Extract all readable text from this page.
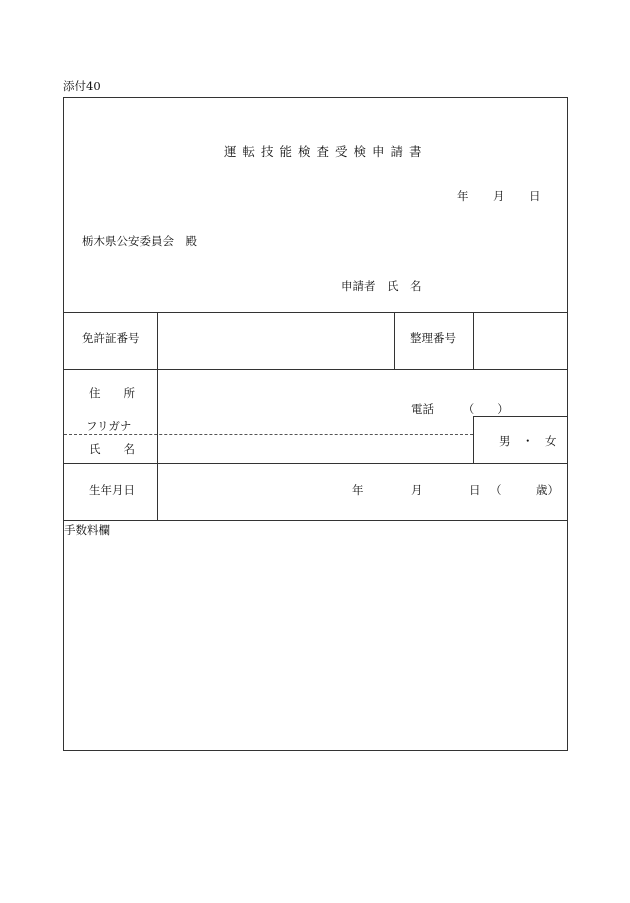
添付40
運転技能検査受検申請書
年 月 日
栃木県公安委員会　殿
申請者　氏　名
免許証番号	整理番号
住　　所
電話　　　（　　）
フリガナ
氏　　名
男　・　女
生年月日	年	月	日 （　　　歳）
手数料欄
